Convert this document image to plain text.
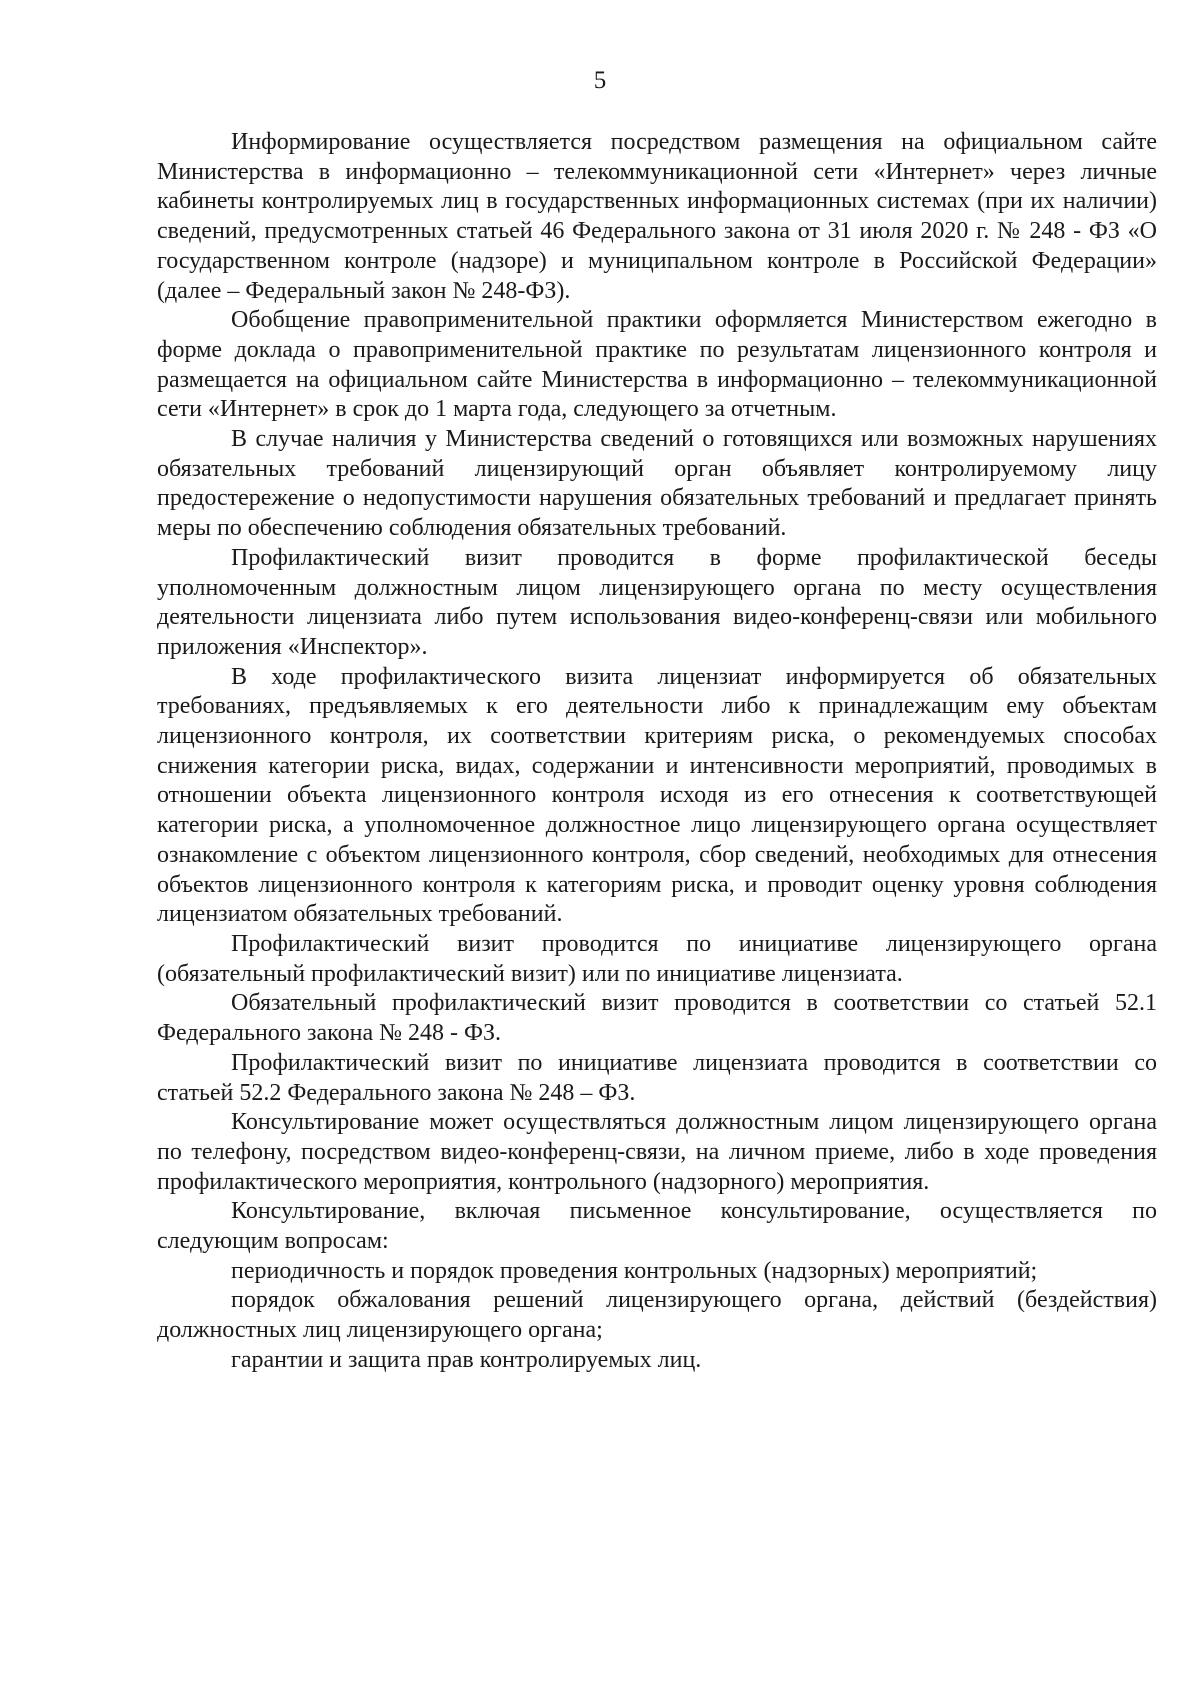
5

Информирование осуществляется посредством размещения на официальном сайте Министерства в информационно – телекоммуникационной сети «Интернет» через личные кабинеты контролируемых лиц в государственных информационных системах (при их наличии) сведений, предусмотренных статьей 46 Федерального закона от 31 июля 2020 г. № 248 - ФЗ «О государственном контроле (надзоре) и муниципальном контроле в Российской Федерации» (далее – Федеральный закон № 248-ФЗ).

Обобщение правоприменительной практики оформляется Министерством ежегодно в форме доклада о правоприменительной практике по результатам лицензионного контроля и размещается на официальном сайте Министерства в информационно – телекоммуникационной сети «Интернет» в срок до 1 марта года, следующего за отчетным.

В случае наличия у Министерства сведений о готовящихся или возможных нарушениях обязательных требований лицензирующий орган объявляет контролируемому лицу предостережение о недопустимости нарушения обязательных требований и предлагает принять меры по обеспечению соблюдения обязательных требований.

Профилактический визит проводится в форме профилактической беседы уполномоченным должностным лицом лицензирующего органа по месту осуществления деятельности лицензиата либо путем использования видео-конференц-связи или мобильного приложения «Инспектор».

В ходе профилактического визита лицензиат информируется об обязательных требованиях, предъявляемых к его деятельности либо к принадлежащим ему объектам лицензионного контроля, их соответствии критериям риска, о рекомендуемых способах снижения категории риска, видах, содержании и интенсивности мероприятий, проводимых в отношении объекта лицензионного контроля исходя из его отнесения к соответствующей категории риска, а уполномоченное должностное лицо лицензирующего органа осуществляет ознакомление с объектом лицензионного контроля, сбор сведений, необходимых для отнесения объектов лицензионного контроля к категориям риска, и проводит оценку уровня соблюдения лицензиатом обязательных требований.

Профилактический визит проводится по инициативе лицензирующего органа (обязательный профилактический визит) или по инициативе лицензиата.

Обязательный профилактический визит проводится в соответствии со статьей 52.1 Федерального закона № 248 - ФЗ.

Профилактический визит по инициативе лицензиата проводится в соответствии со статьей 52.2 Федерального закона № 248 – ФЗ.

Консультирование может осуществляться должностным лицом лицензирующего органа по телефону, посредством видео-конференц-связи, на личном приеме, либо в ходе проведения профилактического мероприятия, контрольного (надзорного) мероприятия.

Консультирование, включая письменное консультирование, осуществляется по следующим вопросам:

периодичность и порядок проведения контрольных (надзорных) мероприятий;

порядок обжалования решений лицензирующего органа, действий (бездействия) должностных лиц лицензирующего органа;

гарантии и защита прав контролируемых лиц.
